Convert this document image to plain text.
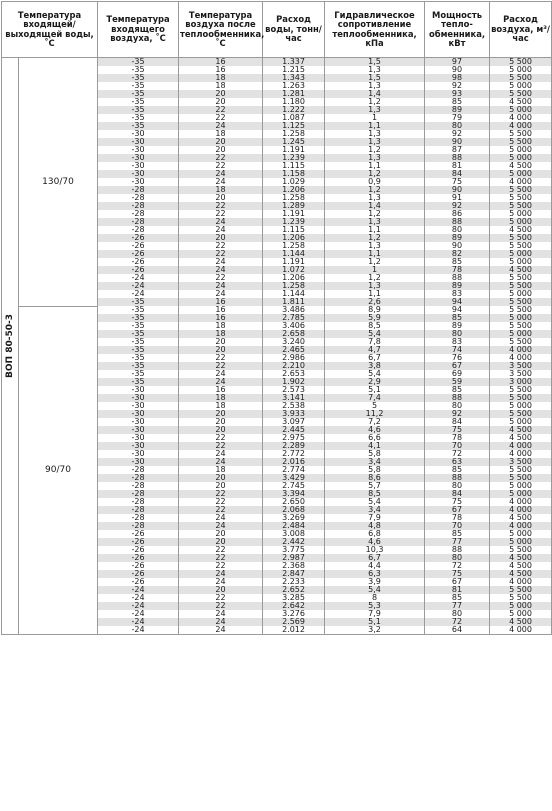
Температура входящей/ выходящей воды, ˚С		Температура входящего воздуха, ˚С	Температура воздуха после теплообменника, ˚С	Расход воды, тонн/час	Гидравлическое сопротивление теплообменника, кПа	Мощность тепло-обменника, кВт	Расход воздуха, м³/час

ВОП 80-50-3	130/70	-35	16	1.337	1,5	97	5 500
		-35	16	1.215	1,3	90	5 000
		-35	18	1.343	1,5	98	5 500
		-35	18	1.263	1,3	92	5 000
		-35	20	1.281	1,4	93	5 500
		-35	20	1.180	1,2	85	4 500
		-35	22	1.222	1,3	89	5 000
		-35	22	1.087	1	79	4 000
		-35	24	1.125	1,1	80	4 000
		-30	18	1.258	1,3	92	5 500
		-30	20	1.245	1,3	90	5 500
		-30	20	1.191	1,2	87	5 000
		-30	22	1.239	1,3	88	5 000
		-30	22	1.115	1,1	81	4 500
		-30	24	1.158	1,2	84	5 000
		-30	24	1.029	0,9	75	4 000
		-28	18	1.206	1,2	90	5 500
		-28	20	1.258	1,3	91	5 500
		-28	22	1.289	1,4	92	5 500
		-28	22	1.191	1,2	86	5 000
		-28	24	1.239	1,3	88	5 000
		-28	24	1.115	1,1	80	4 500
		-26	20	1.206	1,2	89	5 500
		-26	22	1.258	1,3	90	5 500
		-26	22	1.144	1,1	82	5 000
		-26	24	1.191	1,2	85	5 000
		-26	24	1.072	1	78	4 500
		-24	22	1.206	1,2	88	5 500
		-24	24	1.258	1,3	89	5 500
		-24	24	1.144	1,1	83	5 000
		-35	16	1.811	2,6	94	5 500
	90/70	-35	16	3.486	8,9	94	5 500
		-35	16	2.785	5,9	85	5 000
		-35	18	3.406	8,5	89	5 500
		-35	18	2.658	5,4	80	5 000
		-35	20	3.240	7,8	83	5 500
		-35	20	2.465	4,7	74	4 000
		-35	22	2.986	6,7	76	4 000
		-35	22	2.210	3,8	67	3 500
		-35	24	2.653	5,4	69	3 500
		-35	24	1.902	2,9	59	3 000
		-30	16	2.573	5,1	85	5 500
		-30	18	3.141	7,4	88	5 500
		-30	18	2.538	5	80	5 000
		-30	20	3.933	11,2	92	5 500
		-30	20	3.097	7,2	84	5 000
		-30	20	2.445	4,6	75	4 500
		-30	22	2.975	6,6	78	4 500
		-30	22	2.289	4,1	70	4 000
		-30	24	2.772	5,8	72	4 000
		-30	24	2.016	3,4	63	3 500
		-28	18	2.774	5,8	85	5 500
		-28	20	3.429	8,6	88	5 500
		-28	20	2.745	5,7	80	5 000
		-28	22	3.394	8,5	84	5 000
		-28	22	2.650	5,4	75	4 000
		-28	22	2.068	3,4	67	4 000
		-28	24	3.269	7,9	78	4 500
		-28	24	2.484	4,8	70	4 000
		-26	20	3.008	6,8	85	5 000
		-26	20	2.442	4,6	77	5 000
		-26	22	3.775	10,3	88	5 500
		-26	22	2.987	6,7	80	4 500
		-26	22	2.368	4,4	72	4 500
		-26	24	2.847	6,3	75	4 500
		-26	24	2.233	3,9	67	4 000
		-24	20	2.652	5,4	81	5 500
		-24	22	3.285	8	85	5 500
		-24	22	2.642	5,3	77	5 000
		-24	24	3.276	7,9	80	5 000
		-24	24	2.569	5,1	72	4 500
		-24	24	2.012	3,2	64	4 000
